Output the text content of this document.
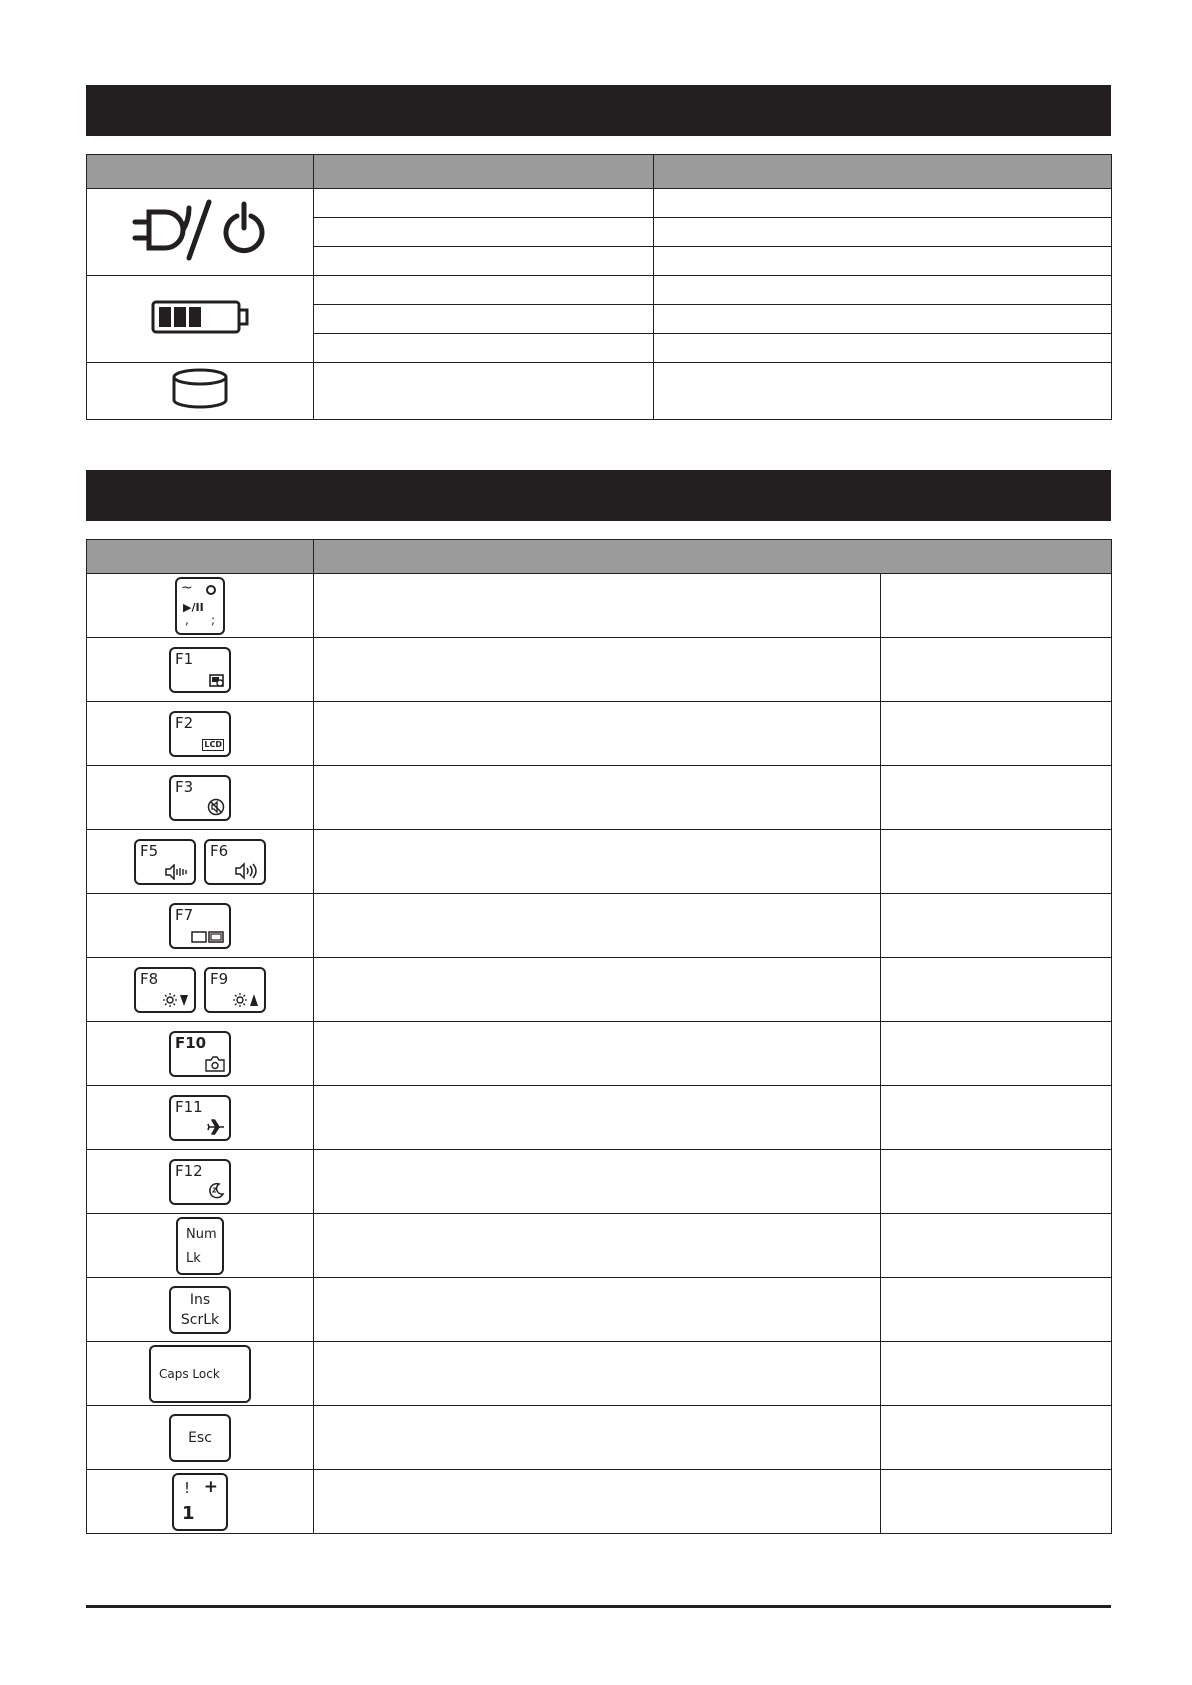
~
▶/II
, ;		

F1		

F2
LCD		

F3		

F5 F6		

F7		

F8 F9		

F10		

F11		

F12		

Num
Lk		

Ins
ScrLk		

Caps Lock		

Esc		

!
1
+		
